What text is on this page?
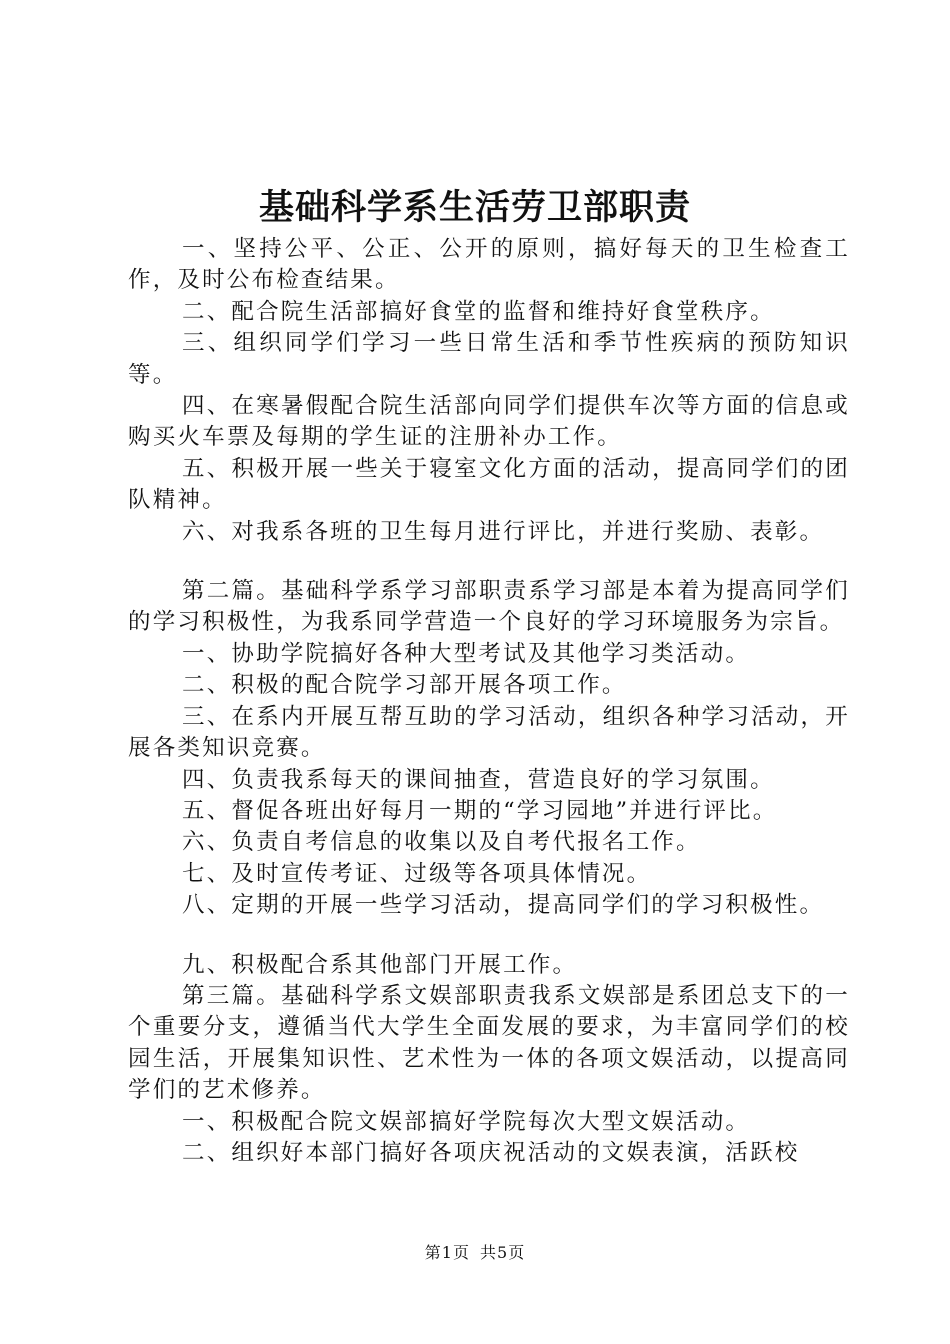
基础科学系生活劳卫部职责

一、坚持公平、公正、公开的原则，搞好每天的卫生检查工作，及时公布检查结果。

二、配合院生活部搞好食堂的监督和维持好食堂秩序。

三、组织同学们学习一些日常生活和季节性疾病的预防知识等。

四、在寒暑假配合院生活部向同学们提供车次等方面的信息或购买火车票及每期的学生证的注册补办工作。

五、积极开展一些关于寝室文化方面的活动，提高同学们的团队精神。

六、对我系各班的卫生每月进行评比，并进行奖励、表彰。

第二篇。基础科学系学习部职责系学习部是本着为提高同学们的学习积极性，为我系同学营造一个良好的学习环境服务为宗旨。

一、协助学院搞好各种大型考试及其他学习类活动。

二、积极的配合院学习部开展各项工作。

三、在系内开展互帮互助的学习活动，组织各种学习活动，开展各类知识竞赛。

四、负责我系每天的课间抽查，营造良好的学习氛围。

五、督促各班出好每月一期的“学习园地”并进行评比。

六、负责自考信息的收集以及自考代报名工作。

七、及时宣传考证、过级等各项具体情况。

八、定期的开展一些学习活动，提高同学们的学习积极性。

九、积极配合系其他部门开展工作。

第三篇。基础科学系文娱部职责我系文娱部是系团总支下的一个重要分支，遵循当代大学生全面发展的要求，为丰富同学们的校园生活，开展集知识性、艺术性为一体的各项文娱活动，以提高同学们的艺术修养。

一、积极配合院文娱部搞好学院每次大型文娱活动。

二、组织好本部门搞好各项庆祝活动的文娱表演，活跃校

第1页 共5页
